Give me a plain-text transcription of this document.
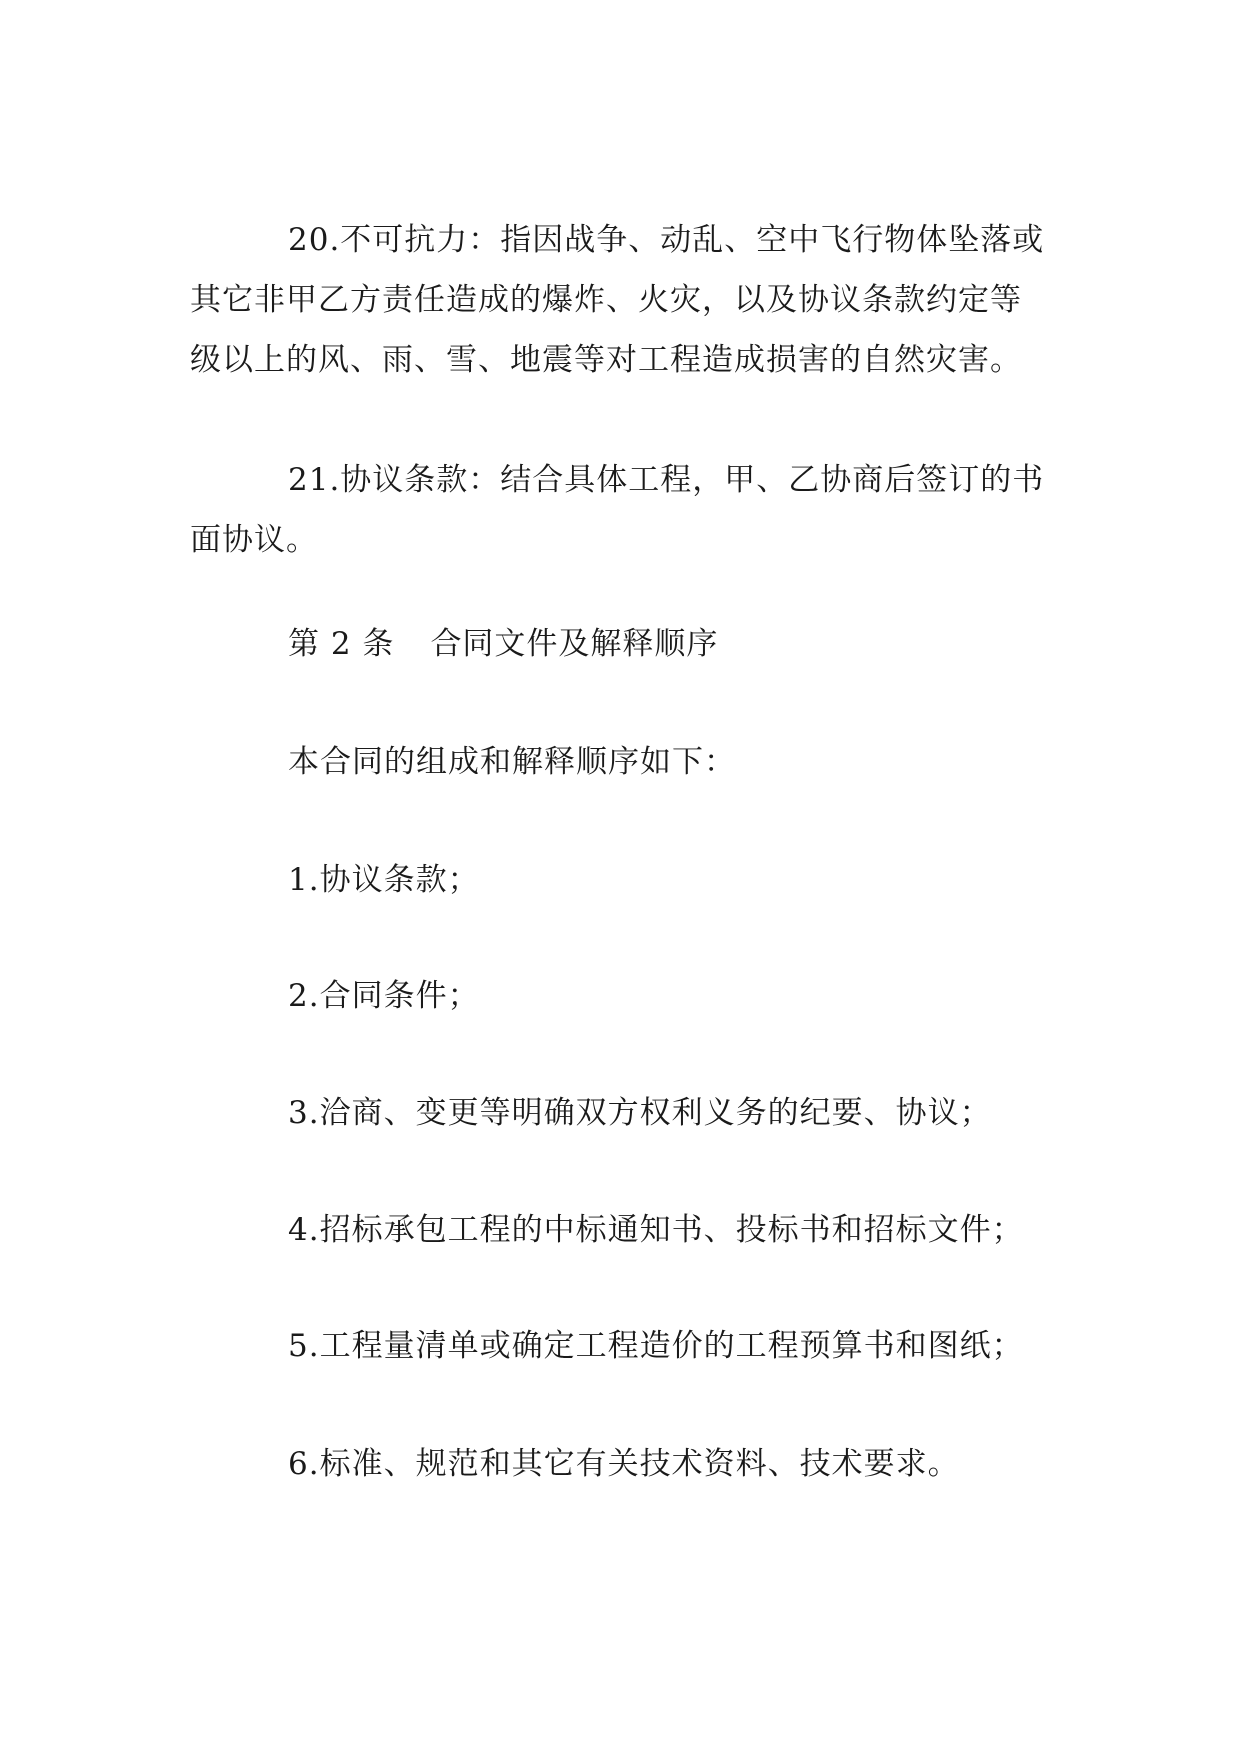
20.不可抗力：指因战争、动乱、空中飞行物体坠落或其它非甲乙方责任造成的爆炸、火灾，以及协议条款约定等级以上的风、雨、雪、地震等对工程造成损害的自然灾害。

21.协议条款：结合具体工程，甲、乙协商后签订的书面协议。

第 2 条 合同文件及解释顺序

本合同的组成和解释顺序如下：

1.协议条款；

2.合同条件；

3.洽商、变更等明确双方权利义务的纪要、协议；

4.招标承包工程的中标通知书、投标书和招标文件；

5.工程量清单或确定工程造价的工程预算书和图纸；

6.标准、规范和其它有关技术资料、技术要求。
